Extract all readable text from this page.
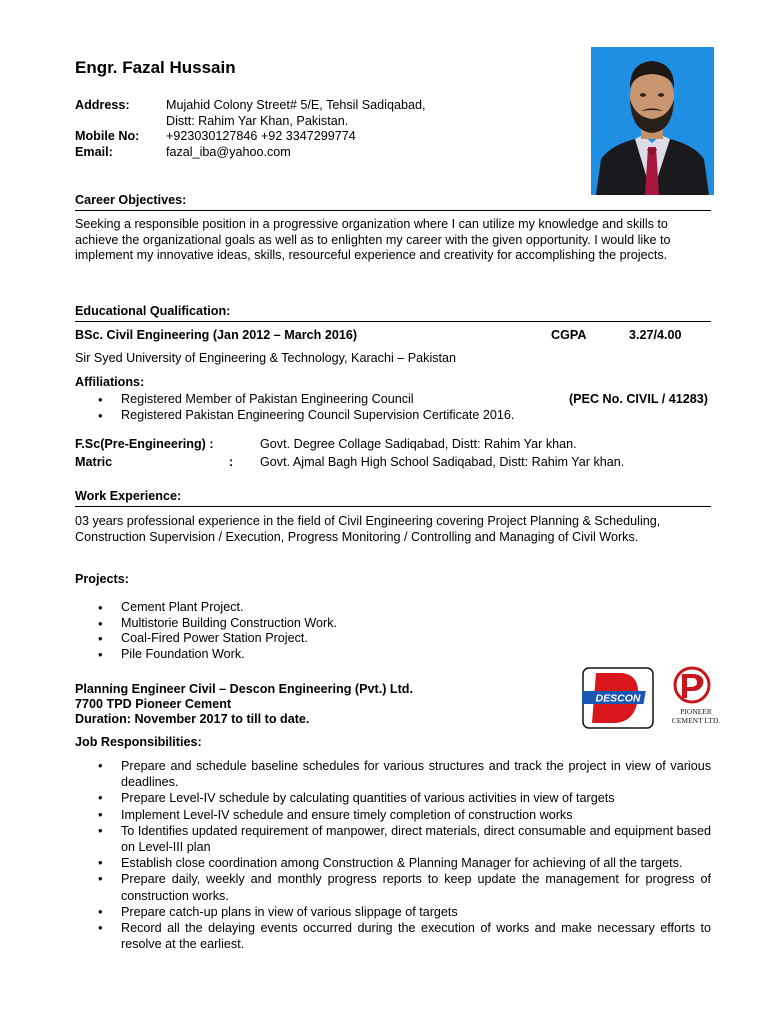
Engr. Fazal Hussain
Address:	Mujahid Colony Street# 5/E, Tehsil Sadiqabad,
Distt: Rahim Yar Khan, Pakistan.
Mobile No:	+923030127846 +92 3347299774
Email:	fazal_iba@yahoo.com
Career Objectives:
Seeking a responsible position in a progressive organization where I can utilize my knowledge and skills to achieve the organizational goals as well as to enlighten my career with the given opportunity. I would like to implement my innovative ideas, skills, resourceful experience and creativity for accomplishing the projects.
Educational Qualification:
BSc. Civil Engineering (Jan 2012 – March 2016)	CGPA	3.27/4.00
Sir Syed University of Engineering & Technology, Karachi – Pakistan
Affiliations:
• Registered Member of Pakistan Engineering Council	(PEC No. CIVIL / 41283)
• Registered Pakistan Engineering Council Supervision Certificate 2016.
F.Sc(Pre-Engineering) :	Govt. Degree Collage Sadiqabad, Distt: Rahim Yar khan.
Matric	: Govt. Ajmal Bagh High School Sadiqabad, Distt: Rahim Yar khan.
Work Experience:
03 years professional experience in the field of Civil Engineering covering Project Planning & Scheduling, Construction Supervision / Execution, Progress Monitoring / Controlling and Managing of Civil Works.
Projects:
• Cement Plant Project.
• Multistorie Building Construction Work.
• Coal-Fired Power Station Project.
• Pile Foundation Work.
Planning Engineer Civil – Descon Engineering (Pvt.) Ltd.
7700 TPD Pioneer Cement
Duration: November 2017 to till to date.
DESCON
PIONEER
CEMENT LTD.
Job Responsibilities:
• Prepare and schedule baseline schedules for various structures and track the project in view of various deadlines.
• Prepare Level-IV schedule by calculating quantities of various activities in view of targets
• Implement Level-IV schedule and ensure timely completion of construction works
• To Identifies updated requirement of manpower, direct materials, direct consumable and equipment based on Level-III plan
• Establish close coordination among Construction & Planning Manager for achieving of all the targets.
• Prepare daily, weekly and monthly progress reports to keep update the management for progress of construction works.
• Prepare catch-up plans in view of various slippage of targets
• Record all the delaying events occurred during the execution of works and make necessary efforts to resolve at the earliest.
